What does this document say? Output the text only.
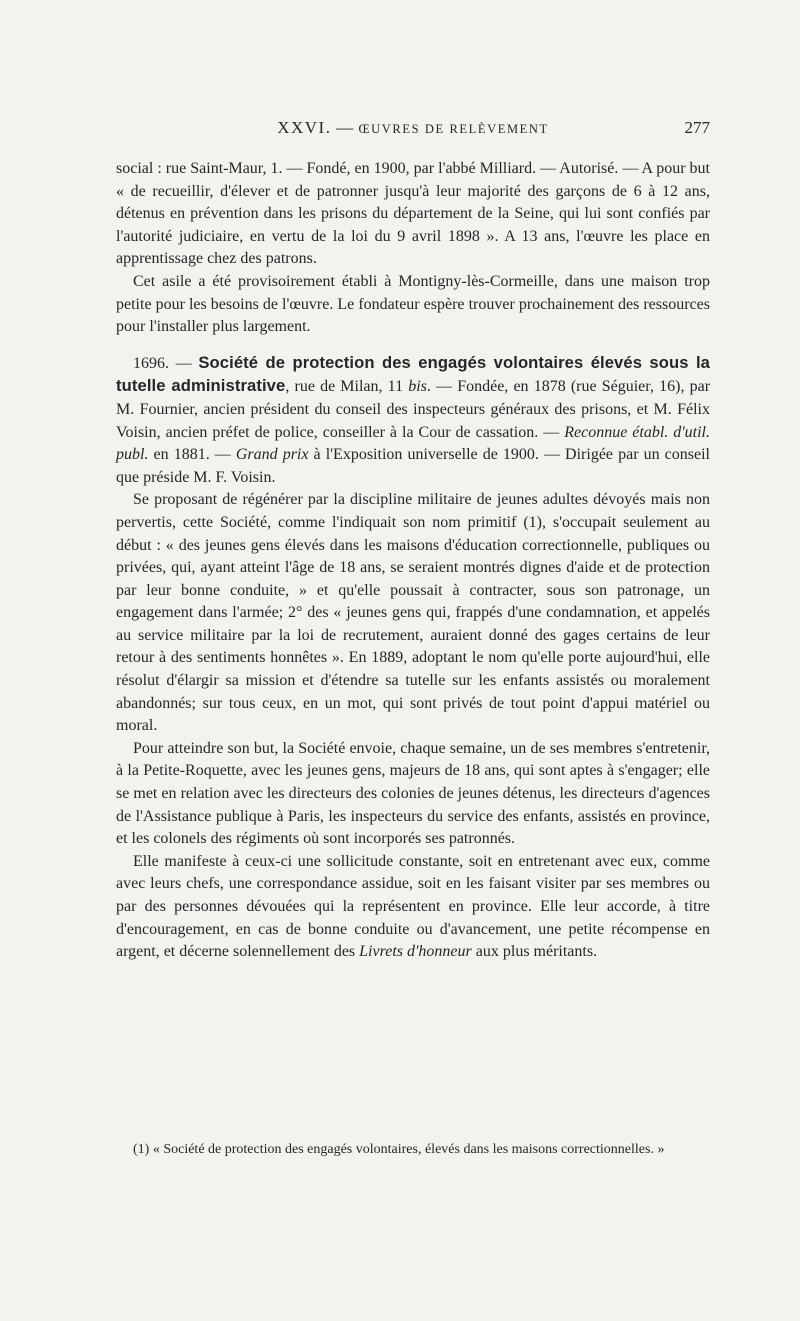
XXVI. — ŒUVRES DE RELÈVEMENT	277

social : rue Saint-Maur, 1. — Fondé, en 1900, par l'abbé Milliard. — Autorisé. — A pour but « de recueillir, d'élever et de patronner jusqu'à leur majorité des garçons de 6 à 12 ans, détenus en prévention dans les prisons du département de la Seine, qui lui sont confiés par l'autorité judiciaire, en vertu de la loi du 9 avril 1898 ». A 13 ans, l'œuvre les place en apprentissage chez des patrons.

Cet asile a été provisoirement établi à Montigny-lès-Cormeille, dans une maison trop petite pour les besoins de l'œuvre. Le fondateur espère trouver prochainement des ressources pour l'installer plus largement.

1696. — Société de protection des engagés volontaires élevés sous la tutelle administrative, rue de Milan, 11 bis. — Fondée, en 1878 (rue Séguier, 16), par M. Fournier, ancien président du conseil des inspecteurs généraux des prisons, et M. Félix Voisin, ancien préfet de police, conseiller à la Cour de cassation. — Reconnue établ. d'util. publ. en 1881. — Grand prix à l'Exposition universelle de 1900. — Dirigée par un conseil que préside M. F. Voisin.

Se proposant de régénérer par la discipline militaire de jeunes adultes dévoyés mais non pervertis, cette Société, comme l'indiquait son nom primitif (1), s'occupait seulement au début : « des jeunes gens élevés dans les maisons d'éducation correctionnelle, publiques ou privées, qui, ayant atteint l'âge de 18 ans, se seraient montrés dignes d'aide et de protection par leur bonne conduite, » et qu'elle poussait à contracter, sous son patronage, un engagement dans l'armée; 2° des « jeunes gens qui, frappés d'une condamnation, et appelés au service militaire par la loi de recrutement, auraient donné des gages certains de leur retour à des sentiments honnêtes ». En 1889, adoptant le nom qu'elle porte aujourd'hui, elle résolut d'élargir sa mission et d'étendre sa tutelle sur les enfants assistés ou moralement abandonnés; sur tous ceux, en un mot, qui sont privés de tout point d'appui matériel ou moral.

Pour atteindre son but, la Société envoie, chaque semaine, un de ses membres s'entretenir, à la Petite-Roquette, avec les jeunes gens, majeurs de 18 ans, qui sont aptes à s'engager; elle se met en relation avec les directeurs des colonies de jeunes détenus, les directeurs d'agences de l'Assistance publique à Paris, les inspecteurs du service des enfants, assistés en province, et les colonels des régiments où sont incorporés ses patronnés.

Elle manifeste à ceux-ci une sollicitude constante, soit en entretenant avec eux, comme avec leurs chefs, une correspondance assidue, soit en les faisant visiter par ses membres ou par des personnes dévouées qui la représentent en province. Elle leur accorde, à titre d'encouragement, en cas de bonne conduite ou d'avancement, une petite récompense en argent, et décerne solennellement des Livrets d'honneur aux plus méritants.

(1) « Société de protection des engagés volontaires, élevés dans les maisons correctionnelles. »
